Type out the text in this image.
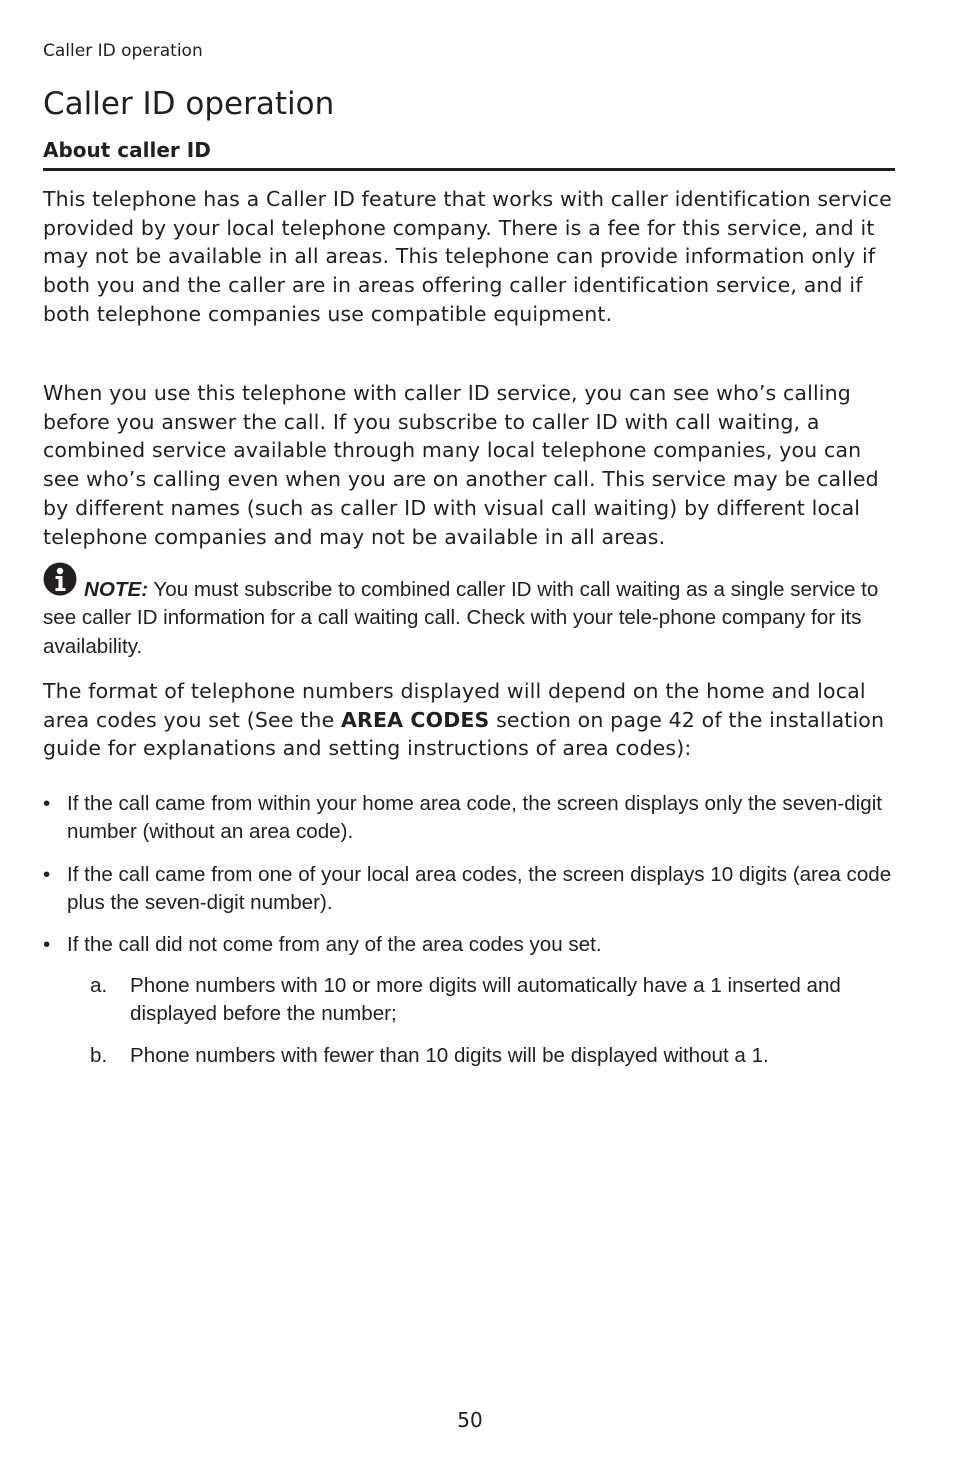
Caller ID operation
Caller ID operation
About caller ID

This telephone has a Caller ID feature that works with caller identification service provided by your local telephone company. There is a fee for this service, and it may not be available in all areas. This telephone can provide information only if both you and the caller are in areas offering caller identification service, and if both telephone companies use compatible equipment.

When you use this telephone with caller ID service, you can see who’s calling before you answer the call. If you subscribe to caller ID with call waiting, a combined service available through many local telephone companies, you can see who’s calling even when you are on another call. This service may be called by different names (such as caller ID with visual call waiting) by different local telephone companies and may not be available in all areas.

NOTE: You must subscribe to combined caller ID with call waiting as a single service to see caller ID information for a call waiting call. Check with your tele-phone company for its availability.

The format of telephone numbers displayed will depend on the home and local area codes you set (See the AREA CODES section on page 42 of the installation guide for explanations and setting instructions of area codes):

• If the call came from within your home area code, the screen displays only the seven-digit number (without an area code).
• If the call came from one of your local area codes, the screen displays 10 digits (area code plus the seven-digit number).
• If the call did not come from any of the area codes you set.
a. Phone numbers with 10 or more digits will automatically have a 1 inserted and displayed before the number;
b. Phone numbers with fewer than 10 digits will be displayed without a 1.
50
